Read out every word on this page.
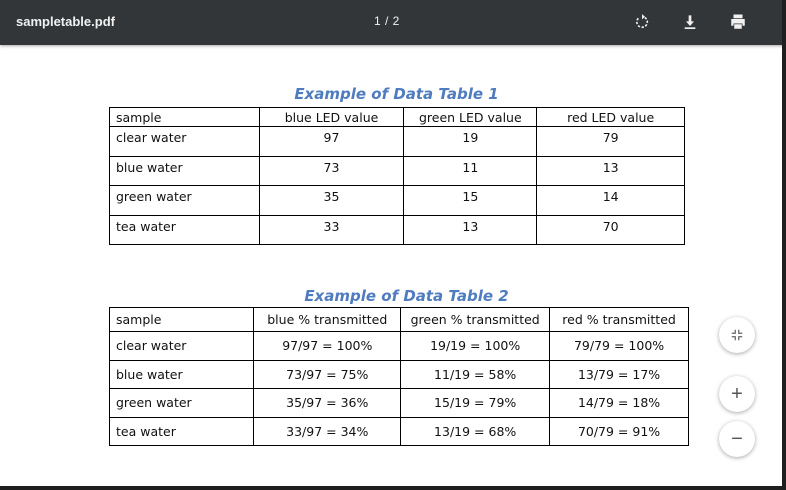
sampletable.pdf	1 / 2
Example of Data Table 1
sample	blue LED value	green LED value	red LED value
clear water	97	19	79
blue water	73	11	13
green water	35	15	14
tea water	33	13	70
Example of Data Table 2
sample	blue % transmitted	green % transmitted	red % transmitted
clear water	97/97 = 100%	19/19 = 100%	79/79 = 100%
blue water	73/97 = 75%	11/19 = 58%	13/79 = 17%
green water	35/97 = 36%	15/19 = 79%	14/79 = 18%
tea water	33/97 = 34%	13/19 = 68%	70/79 = 91%
+
−
